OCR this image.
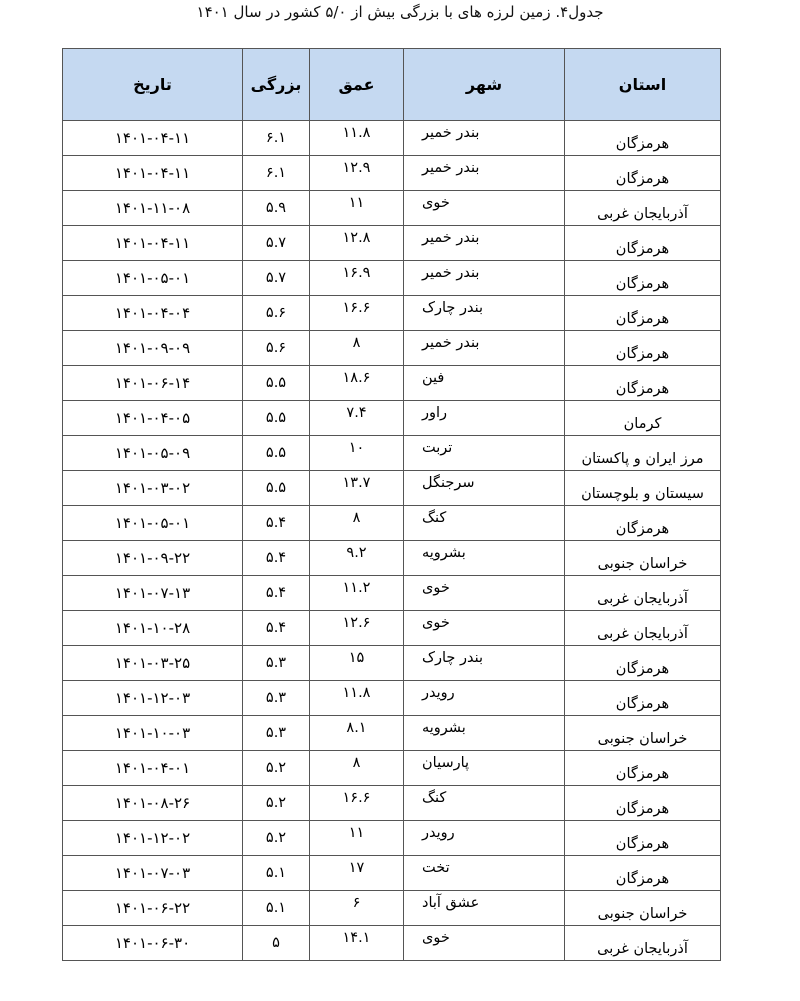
جدول۴. زمین لرزه های با بزرگی بیش از ۵/۰ کشور در سال ۱۴۰۱
استان	شهر	عمق	بزرگی	تاریخ
هرمزگان	بندر خمیر	۱۱.۸	۶.۱	۱۴۰۱-۰۴-۱۱
هرمزگان	بندر خمیر	۱۲.۹	۶.۱	۱۴۰۱-۰۴-۱۱
آذربایجان غربی	خوی	۱۱	۵.۹	۱۴۰۱-۱۱-۰۸
هرمزگان	بندر خمیر	۱۲.۸	۵.۷	۱۴۰۱-۰۴-۱۱
هرمزگان	بندر خمیر	۱۶.۹	۵.۷	۱۴۰۱-۰۵-۰۱
هرمزگان	بندر چارک	۱۶.۶	۵.۶	۱۴۰۱-۰۴-۰۴
هرمزگان	بندر خمیر	۸	۵.۶	۱۴۰۱-۰۹-۰۹
هرمزگان	فین	۱۸.۶	۵.۵	۱۴۰۱-۰۶-۱۴
کرمان	راور	۷.۴	۵.۵	۱۴۰۱-۰۴-۰۵
مرز ایران و پاکستان	تربت	۱۰	۵.۵	۱۴۰۱-۰۵-۰۹
سیستان و بلوچستان	سرجنگل	۱۳.۷	۵.۵	۱۴۰۱-۰۳-۰۲
هرمزگان	کنگ	۸	۵.۴	۱۴۰۱-۰۵-۰۱
خراسان جنوبی	بشرویه	۹.۲	۵.۴	۱۴۰۱-۰۹-۲۲
آذربایجان غربی	خوی	۱۱.۲	۵.۴	۱۴۰۱-۰۷-۱۳
آذربایجان غربی	خوی	۱۲.۶	۵.۴	۱۴۰۱-۱۰-۲۸
هرمزگان	بندر چارک	۱۵	۵.۳	۱۴۰۱-۰۳-۲۵
هرمزگان	رویدر	۱۱.۸	۵.۳	۱۴۰۱-۱۲-۰۳
خراسان جنوبی	بشرویه	۸.۱	۵.۳	۱۴۰۱-۱۰-۰۳
هرمزگان	پارسیان	۸	۵.۲	۱۴۰۱-۰۴-۰۱
هرمزگان	کنگ	۱۶.۶	۵.۲	۱۴۰۱-۰۸-۲۶
هرمزگان	رویدر	۱۱	۵.۲	۱۴۰۱-۱۲-۰۲
هرمزگان	تخت	۱۷	۵.۱	۱۴۰۱-۰۷-۰۳
خراسان جنوبی	عشق آباد	۶	۵.۱	۱۴۰۱-۰۶-۲۲
آذربایجان غربی	خوی	۱۴.۱	۵	۱۴۰۱-۰۶-۳۰
